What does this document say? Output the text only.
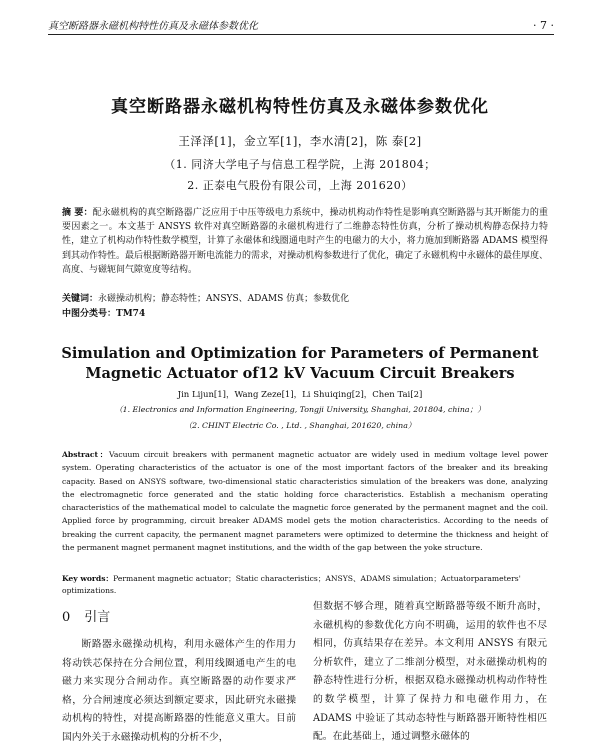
真空断路器永磁机构特性仿真及永磁体参数优化	· 7 ·
真空断路器永磁机构特性仿真及永磁体参数优化
王泽泽[1]，金立军[1]，李水清[2]，陈 泰[2]
（1. 同济大学电子与信息工程学院，上海 201804；
2. 正泰电气股份有限公司，上海 201620）
摘 要：配永磁机构的真空断路器广泛应用于中压等级电力系统中，操动机构动作特性是影响真空断路器与其开断能力的重要因素之一。本文基于 ANSYS 软件对真空断路器的永磁机构进行了二维静态特性仿真，分析了操动机构静态保持力特性，建立了机构动作特性数学模型，计算了永磁体和线圈通电时产生的电磁力的大小，将力施加到断路器 ADAMS 模型得到其动作特性。最后根据断路器开断电流能力的需求，对操动机构参数进行了优化，确定了永磁机构中永磁体的最佳厚度、高度、与磁轭间气隙宽度等结构。
关键词：永磁操动机构；静态特性；ANSYS、ADAMS 仿真；参数优化
中图分类号：TM74
Simulation and Optimization for Parameters of Permanent
Magnetic Actuator of12 kV Vacuum Circuit Breakers
Jin Lijun[1]，Wang Zeze[1]，Li Shuiqing[2]，Chen Tai[2]
（1. Electronics and Information Engineering, Tongji University, Shanghai, 201804, china；）
（2. CHINT Electric Co. , Ltd. , Shanghai, 201620, china）
Abstract：Vacuum circuit breakers with permanent magnetic actuator are widely used in medium voltage level power system. Operating characteristics of the actuator is one of the most important factors of the breaker and its breaking capacity. Based on ANSYS software, two-dimensional static characteristics simulation of the breakers was done, analyzing the electromagnetic force generated and the static holding force characteristics. Establish a mechanism operating characteristics of the mathematical model to calculate the magnetic force generated by the permanent magnet and the coil. Applied force by programming, circuit breaker ADAMS model gets the motion characteristics. According to the needs of breaking the current capacity, the permanent magnet parameters were optimized to determine the thickness and height of the permanent magnet permanent magnet institutions, and the width of the gap between the yoke structure.
Key words：Permanent magnetic actuator；Static characteristics；ANSYS、ADAMS simulation；Actuatorparameters' optimizations.
0 引言
断路器永磁操动机构，利用永磁体产生的作用力将动铁芯保持在分合闸位置，利用线圈通电产生的电磁力来实现分合闸动作。真空断路器的动作要求严格，分合闸速度必须达到额定要求，因此研究永磁操动机构的特性，对提高断路器的性能意义重大。目前国内外关于永磁操动机构的分析不少，
但数据不够合理，随着真空断路器等级不断升高时，永磁机构的参数优化方向不明确，运用的软件也不尽相同，仿真结果存在差异。本文利用 ANSYS 有限元分析软件，建立了二维剖分模型，对永磁操动机构的静态特性进行分析，根据双稳永磁操动机构动作特性的数学模型，计算了保持力和电磁作用力，在 ADAMS 中验证了其动态特性与断路器开断特性相匹配。在此基础上，通过调整永磁体的
